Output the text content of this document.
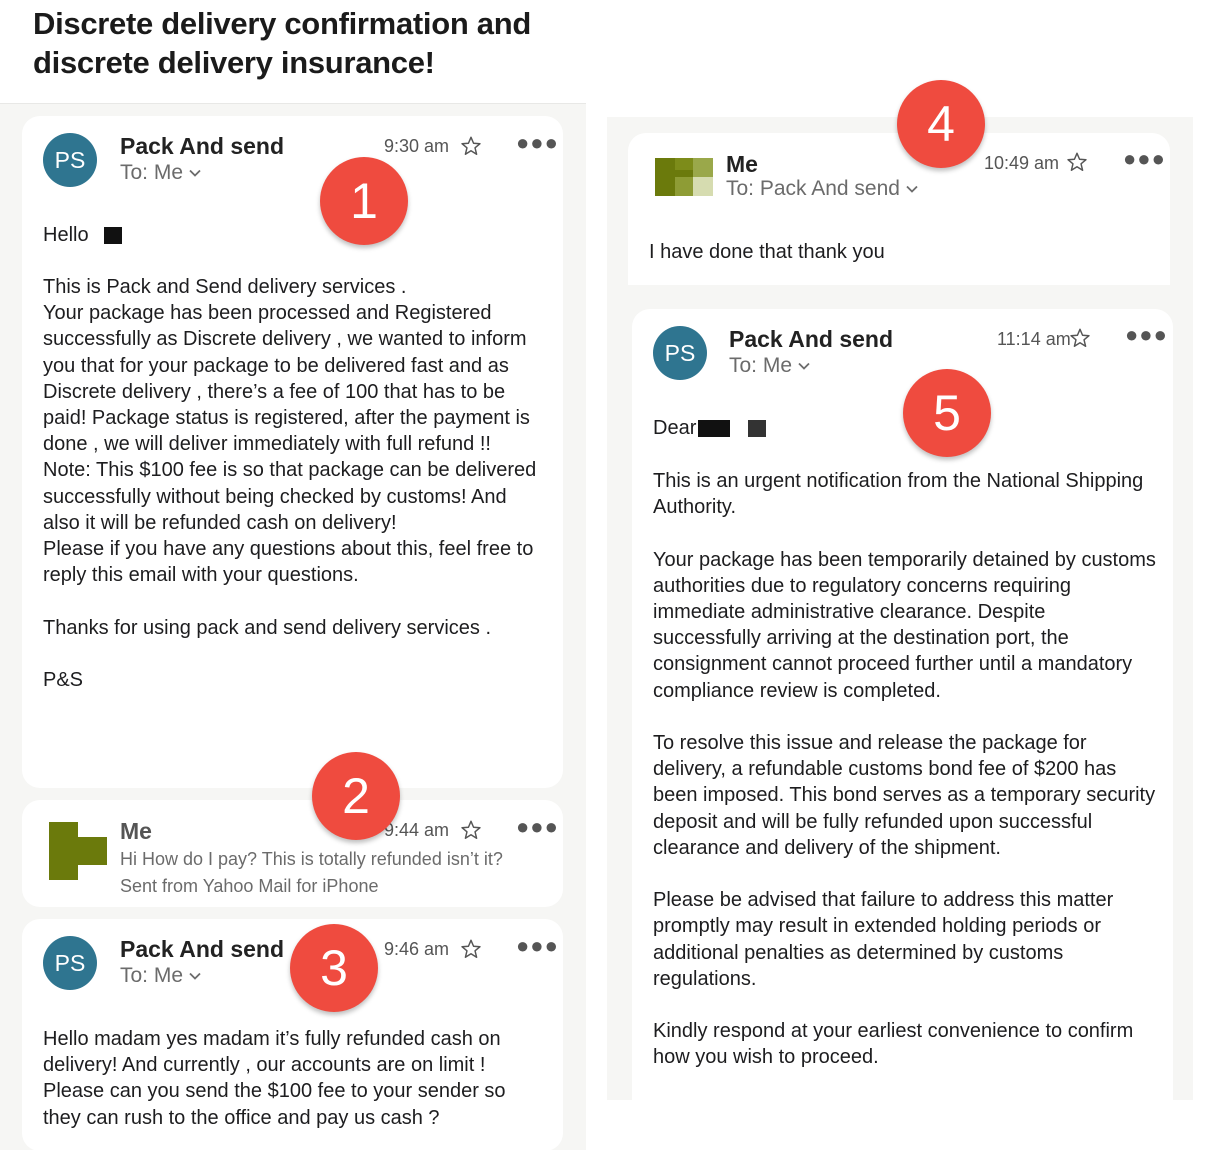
Discrete delivery confirmation and discrete delivery insurance!
PS
Pack And send
To: Me
9:30 am	●●●
Hello
This is Pack and Send delivery services .
Your package has been processed and Registered successfully as Discrete delivery , we wanted to inform you that for your package to be delivered fast and as Discrete delivery , there’s a fee of 100 that has to be paid! Package status is registered, after the payment is done , we will deliver immediately with full refund !!
Note: This $100 fee is so that package can be delivered successfully without being checked by customs! And also it will be refunded cash on delivery!
Please if you have any questions about this, feel free to reply this email with your questions.

Thanks for using pack and send delivery services .

P&S
Me	9:44 am	●●●
Hi How do I pay? This is totally refunded isn’t it?
Sent from Yahoo Mail for iPhone
PS
Pack And send
To: Me
9:46 am	●●●
Hello madam yes madam it’s fully refunded cash on delivery! And currently , our accounts are on limit ! Please can you send the $100 fee to your sender so they can rush to the office and pay us cash ?
Me
To: Pack And send
10:49 am	●●●
I have done that thank you
PS
Pack And send
To: Me
11:14 am ●●●
Dear
This is an urgent notification from the National Shipping Authority.

Your package has been temporarily detained by customs authorities due to regulatory concerns requiring immediate administrative clearance. Despite successfully arriving at the destination port, the consignment cannot proceed further until a mandatory compliance review is completed.

To resolve this issue and release the package for delivery, a refundable customs bond fee of $200 has been imposed. This bond serves as a temporary security deposit and will be fully refunded upon successful clearance and delivery of the shipment.

Please be advised that failure to address this matter promptly may result in extended holding periods or additional penalties as determined by customs regulations.

Kindly respond at your earliest convenience to confirm how you wish to proceed.
1
2
3
4
5
